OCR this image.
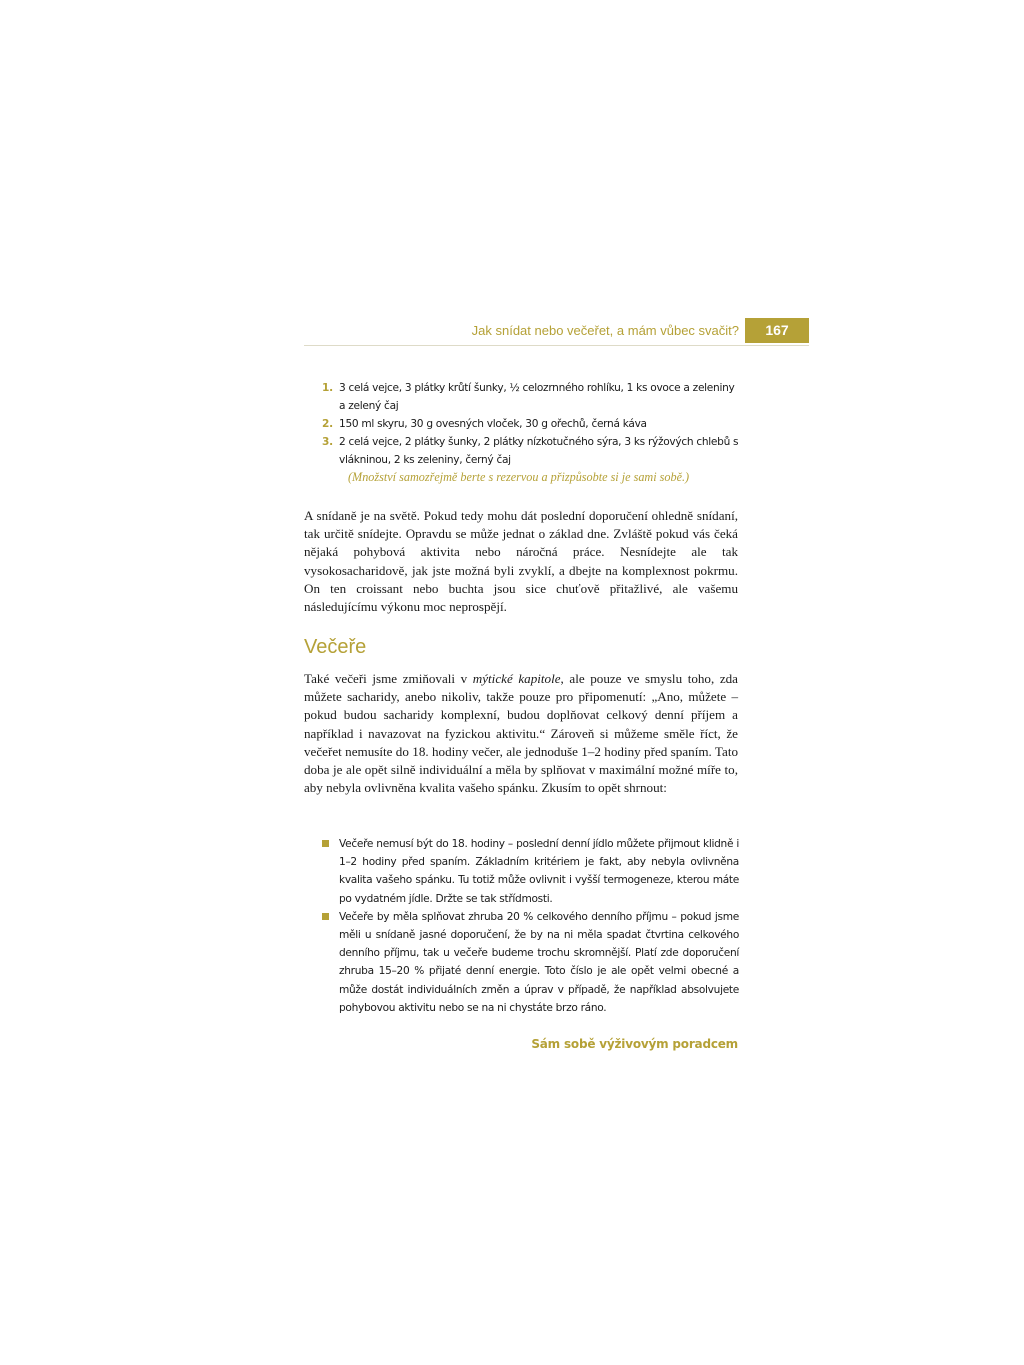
Jak snídat nebo večeřet, a mám vůbec svačit?	167
1. 3 celá vejce, 3 plátky krůtí šunky, ½ celozrnného rohlíku, 1 ks ovoce a zeleniny a zelený čaj
2. 150 ml skyru, 30 g ovesných vloček, 30 g ořechů, černá káva
3. 2 celá vejce, 2 plátky šunky, 2 plátky nízkotučného sýra, 3 ks rýžových chlebů s vlákninou, 2 ks zeleniny, černý čaj
(Množství samozřejmě berte s rezervou a přizpůsobte si je sami sobě.)

A snídaně je na světě. Pokud tedy mohu dát poslední doporučení ohledně snídaní, tak určitě snídejte. Opravdu se může jednat o základ dne. Zvláště pokud vás čeká nějaká pohybová aktivita nebo náročná práce. Nesnídejte ale tak vysokosacharidově, jak jste možná byli zvyklí, a dbejte na komplexnost pokrmu. On ten croissant nebo buchta jsou sice chuťově přitažlivé, ale vašemu následujícímu výkonu moc neprospějí.

Večeře

Také večeři jsme zmiňovali v mýtické kapitole, ale pouze ve smyslu toho, zda můžete sacharidy, anebo nikoliv, takže pouze pro připomenutí: „Ano, můžete – pokud budou sacharidy komplexní, budou doplňovat celkový denní příjem a například i navazovat na fyzickou aktivitu.“ Zároveň si můžeme směle říct, že večeřet nemusíte do 18. hodiny večer, ale jednoduše 1–2 hodiny před spaním. Tato doba je ale opět silně individuální a měla by splňovat v maximální možné míře to, aby nebyla ovlivněna kvalita vašeho spánku. Zkusím to opět shrnout:

Večeře nemusí být do 18. hodiny – poslední denní jídlo můžete přijmout klidně i 1–2 hodiny před spaním. Základním kritériem je fakt, aby nebyla ovlivněna kvalita vašeho spánku. Tu totiž může ovlivnit i vyšší termogeneze, kterou máte po vydatném jídle. Držte se tak střídmosti.
Večeře by měla splňovat zhruba 20 % celkového denního příjmu – pokud jsme měli u snídaně jasné doporučení, že by na ni měla spadat čtvrtina celkového denního příjmu, tak u večeře budeme trochu skromnější. Platí zde doporučení zhruba 15–20 % přijaté denní energie. Toto číslo je ale opět velmi obecné a může dostát individuálních změn a úprav v případě, že například absolvujete pohybovou aktivitu nebo se na ni chystáte brzo ráno.
Sám sobě výživovým poradcem
